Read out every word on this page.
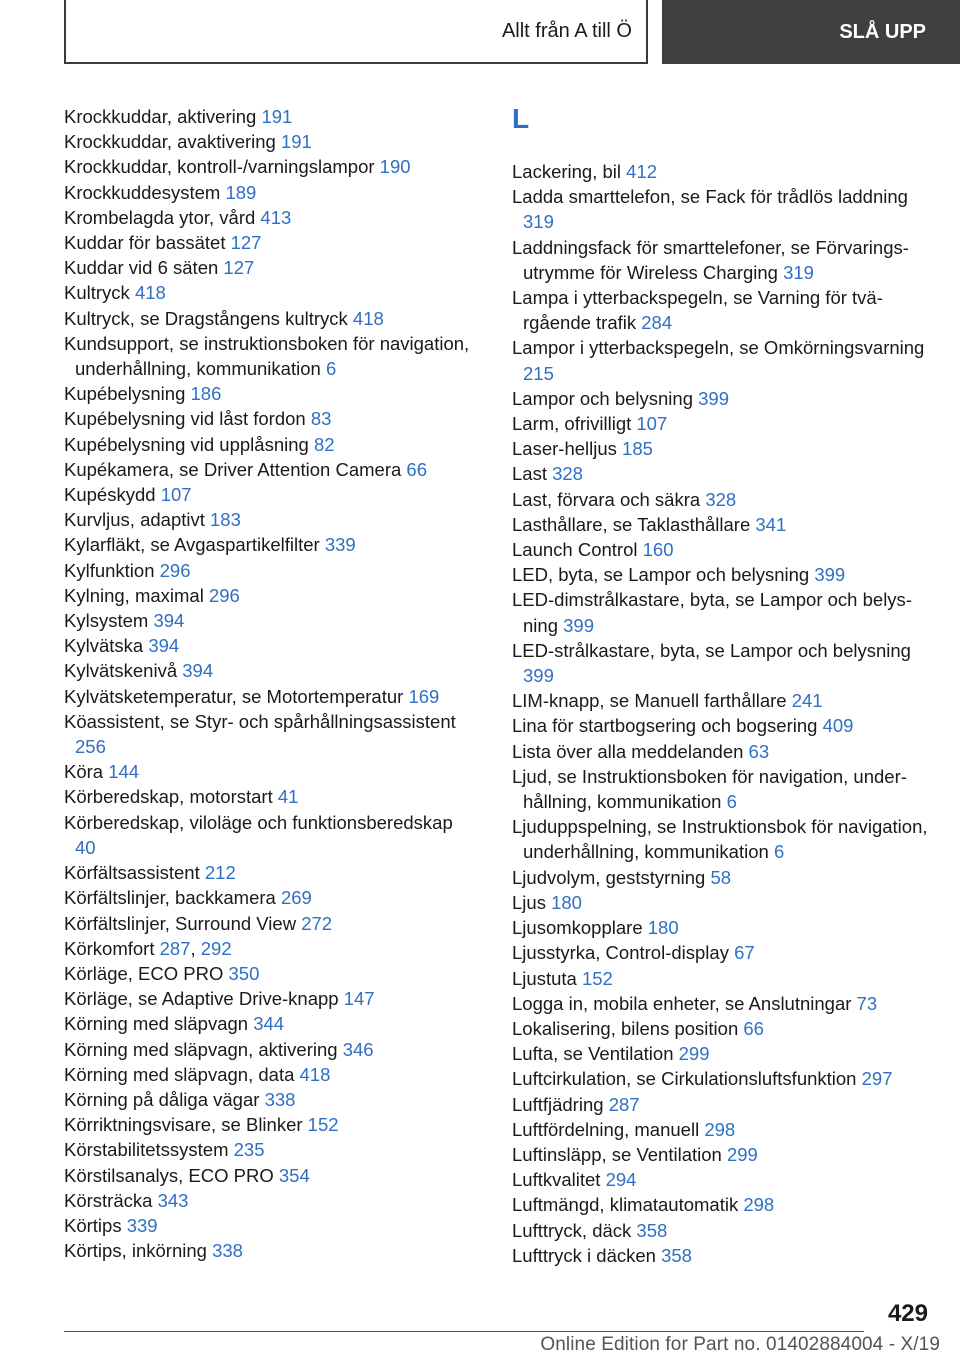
Allt från A till Ö	SLÅ UPP
Krockkuddar, aktivering 191
Krockkuddar, avaktivering 191
Krockkuddar, kontroll-/varningslampor 190
Krockkuddesystem 189
Krombelagda ytor, vård 413
Kuddar för bassätet 127
Kuddar vid 6 säten 127
Kultryck 418
Kultryck, se Dragstångens kultryck 418
Kundsupport, se instruktionsboken för navigation, underhållning, kommunikation 6
Kupébelysning 186
Kupébelysning vid låst fordon 83
Kupébelysning vid upplåsning 82
Kupékamera, se Driver Attention Camera 66
Kupéskydd 107
Kurvljus, adaptivt 183
Kylarfläkt, se Avgaspartikelfilter 339
Kylfunktion 296
Kylning, maximal 296
Kylsystem 394
Kylvätska 394
Kylvätskenivå 394
Kylvätsketemperatur, se Motortemperatur 169
Köassistent, se Styr- och spårhållningsassistent 256
Köra 144
Körberedskap, motorstart 41
Körberedskap, viloläge och funktionsberedskap 40
Körfältsassistent 212
Körfältslinjer, backkamera 269
Körfältslinjer, Surround View 272
Körkomfort 287, 292
Körläge, ECO PRO 350
Körläge, se Adaptive Drive-knapp 147
Körning med släpvagn 344
Körning med släpvagn, aktivering 346
Körning med släpvagn, data 418
Körning på dåliga vägar 338
Körriktningsvisare, se Blinker 152
Körstabilitetssystem 235
Körstilsanalys, ECO PRO 354
Körsträcka 343
Körtips 339
Körtips, inkörning 338
L
Lackering, bil 412
Ladda smarttelefon, se Fack för trådlös laddning 319
Laddningsfack för smarttelefoner, se Förvaringsutrymme för Wireless Charging 319
Lampa i ytterbackspegeln, se Varning för tvärgående trafik 284
Lampor i ytterbackspegeln, se Omkörningsvarning 215
Lampor och belysning 399
Larm, ofrivilligt 107
Laser-helljus 185
Last 328
Last, förvara och säkra 328
Lasthållare, se Taklasthållare 341
Launch Control 160
LED, byta, se Lampor och belysning 399
LED-dimstrålkastare, byta, se Lampor och belysning 399
LED-strålkastare, byta, se Lampor och belysning 399
LIM-knapp, se Manuell farthållare 241
Lina för startbogsering och bogsering 409
Lista över alla meddelanden 63
Ljud, se Instruktionsboken för navigation, underhållning, kommunikation 6
Ljuduppspelning, se Instruktionsbok för navigation, underhållning, kommunikation 6
Ljudvolym, geststyrning 58
Ljus 180
Ljusomkopplare 180
Ljusstyrka, Control-display 67
Ljustuta 152
Logga in, mobila enheter, se Anslutningar 73
Lokalisering, bilens position 66
Lufta, se Ventilation 299
Luftcirkulation, se Cirkulationsluftsfunktion 297
Luftfjädring 287
Luftfördelning, manuell 298
Luftinsläpp, se Ventilation 299
Luftkvalitet 294
Luftmängd, klimatautomatik 298
Lufttryck, däck 358
Lufttryck i däcken 358
429
Online Edition for Part no. 01402884004 - X/19
